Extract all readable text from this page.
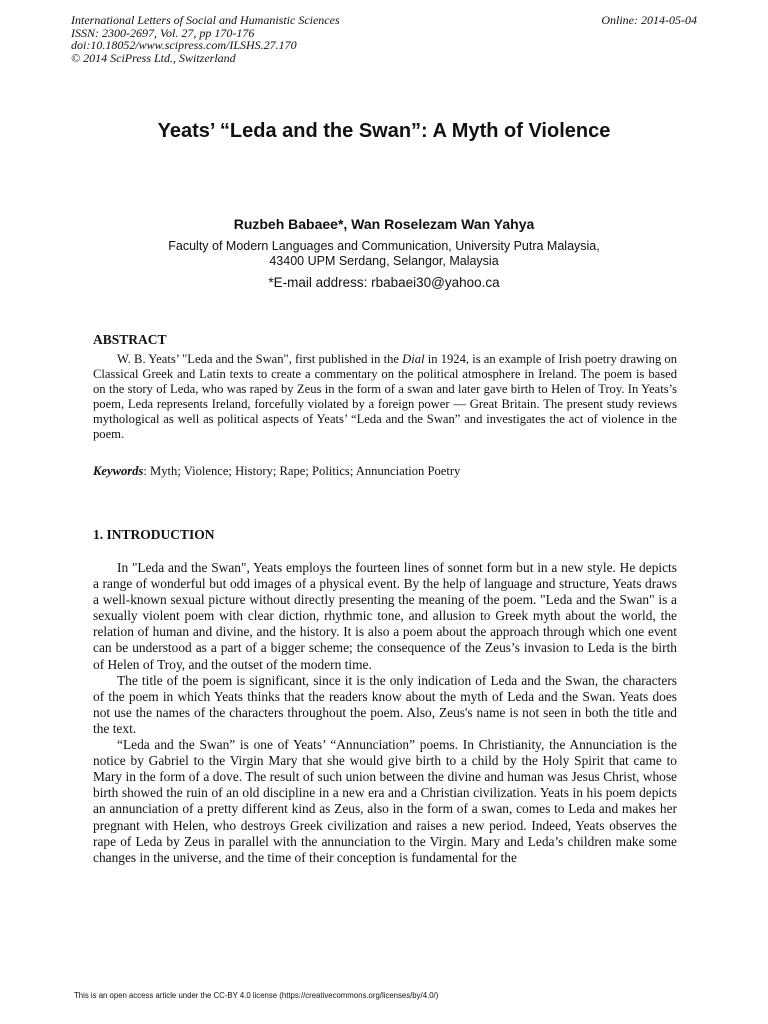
International Letters of Social and Humanistic Sciences
ISSN: 2300-2697, Vol. 27, pp 170-176
doi:10.18052/www.scipress.com/ILSHS.27.170
© 2014 SciPress Ltd., Switzerland
Online: 2014-05-04
Yeats’ “Leda and the Swan”: A Myth of Violence
Ruzbeh Babaee*, Wan Roselezam Wan Yahya
Faculty of Modern Languages and Communication, University Putra Malaysia,
43400 UPM Serdang, Selangor, Malaysia
*E-mail address: rbabaei30@yahoo.ca
ABSTRACT

W. B. Yeats’ "Leda and the Swan", first published in the Dial in 1924, is an example of Irish poetry drawing on Classical Greek and Latin texts to create a commentary on the political atmosphere in Ireland. The poem is based on the story of Leda, who was raped by Zeus in the form of a swan and later gave birth to Helen of Troy. In Yeats’s poem, Leda represents Ireland, forcefully violated by a foreign power — Great Britain. The present study reviews mythological as well as political aspects of Yeats’ “Leda and the Swan” and investigates the act of violence in the poem.

Keywords: Myth; Violence; History; Rape; Politics; Annunciation Poetry
1. INTRODUCTION

In "Leda and the Swan", Yeats employs the fourteen lines of sonnet form but in a new style. He depicts a range of wonderful but odd images of a physical event. By the help of language and structure, Yeats draws a well-known sexual picture without directly presenting the meaning of the poem. "Leda and the Swan" is a sexually violent poem with clear diction, rhythmic tone, and allusion to Greek myth about the world, the relation of human and divine, and the history. It is also a poem about the approach through which one event can be understood as a part of a bigger scheme; the consequence of the Zeus’s invasion to Leda is the birth of Helen of Troy, and the outset of the modern time.

The title of the poem is significant, since it is the only indication of Leda and the Swan, the characters of the poem in which Yeats thinks that the readers know about the myth of Leda and the Swan. Yeats does not use the names of the characters throughout the poem. Also, Zeus's name is not seen in both the title and the text.

“Leda and the Swan” is one of Yeats’ “Annunciation” poems. In Christianity, the Annunciation is the notice by Gabriel to the Virgin Mary that she would give birth to a child by the Holy Spirit that came to Mary in the form of a dove. The result of such union between the divine and human was Jesus Christ, whose birth showed the ruin of an old discipline in a new era and a Christian civilization. Yeats in his poem depicts an annunciation of a pretty different kind as Zeus, also in the form of a swan, comes to Leda and makes her pregnant with Helen, who destroys Greek civilization and raises a new period. Indeed, Yeats observes the rape of Leda by Zeus in parallel with the annunciation to the Virgin. Mary and Leda’s children make some changes in the universe, and the time of their conception is fundamental for the

This is an open access article under the CC-BY 4.0 license (https://creativecommons.org/licenses/by/4.0/)
